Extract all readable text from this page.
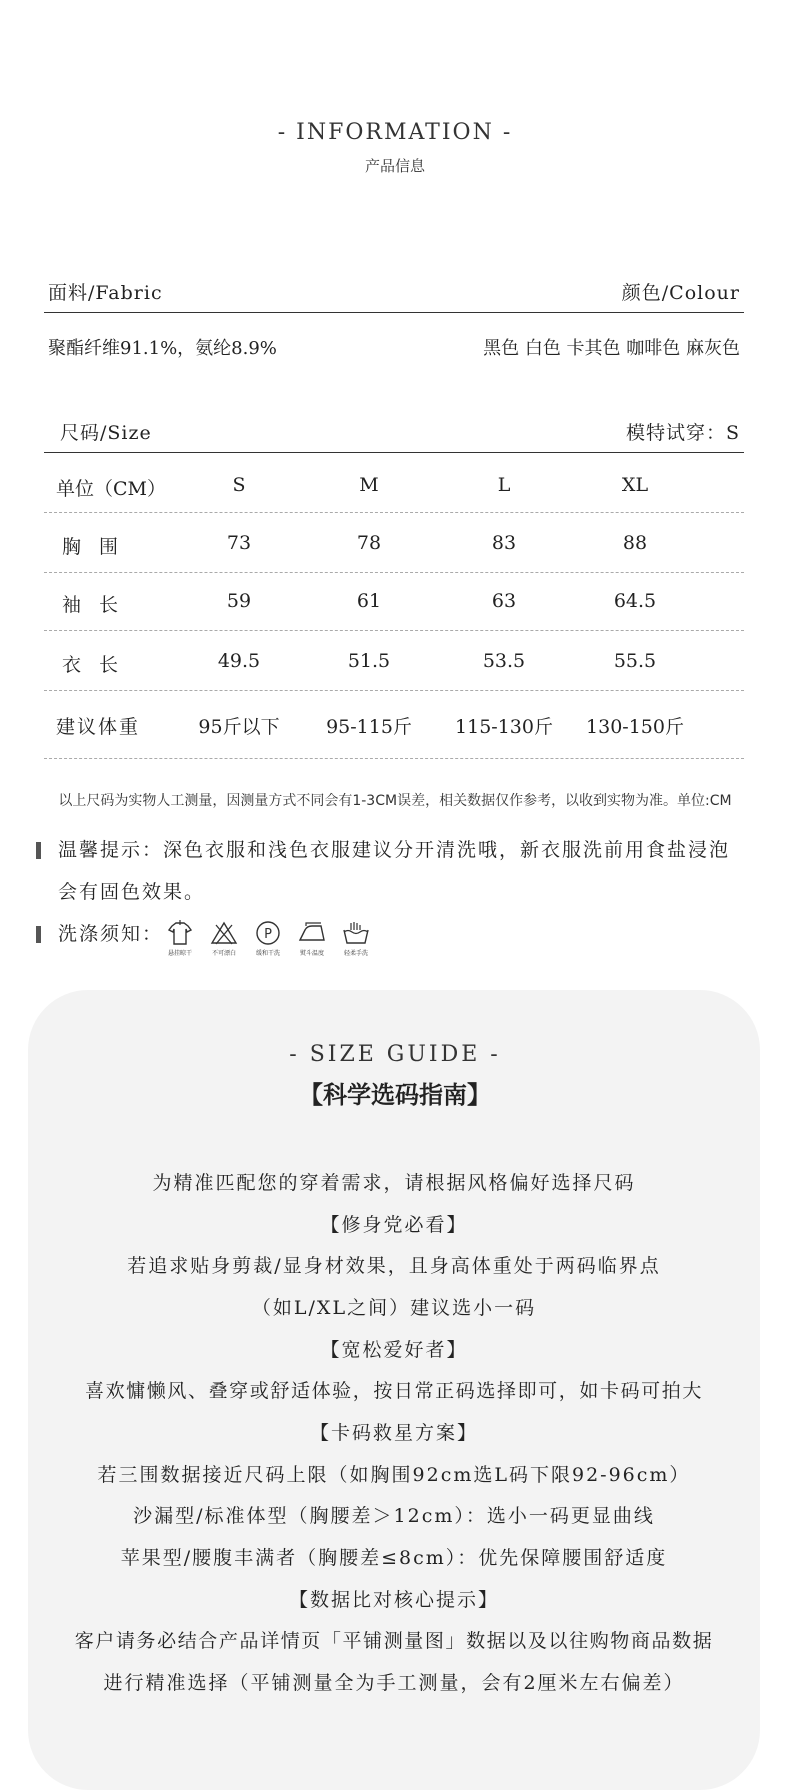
- INFORMATION -
产品信息
面料/Fabric	颜色/Colour
聚酯纤维91.1%，氨纶8.9%	黑色 白色 卡其色 咖啡色 麻灰色
尺码/Size	模特试穿：S
单位（CM）	S	M	L	XL
胸围	73	78	83	88
袖长	59	61	63	64.5
衣长	49.5	51.5	53.5	55.5
建议体重	95斤以下	95-115斤	115-130斤	130-150斤
以上尺码为实物人工测量，因测量方式不同会有1-3CM误差，相关数据仅作参考，以收到实物为准。单位:CM
温馨提示：深色衣服和浅色衣服建议分开清洗哦，新衣服洗前用食盐浸泡
会有固色效果。
洗涤须知：
悬挂晾干	不可漂白
P
缓和干洗	熨斗温度	轻柔手洗
- SIZE GUIDE -
【科学选码指南】
为精准匹配您的穿着需求，请根据风格偏好选择尺码
【修身党必看】
若追求贴身剪裁/显身材效果，且身高体重处于两码临界点
（如L/XL之间）建议选小一码
【宽松爱好者】
喜欢慵懒风、叠穿或舒适体验，按日常正码选择即可，如卡码可拍大
【卡码救星方案】
若三围数据接近尺码上限（如胸围92cm选L码下限92-96cm）
沙漏型/标准体型（胸腰差＞12cm）：选小一码更显曲线
苹果型/腰腹丰满者（胸腰差≤8cm）：优先保障腰围舒适度
【数据比对核心提示】
客户请务必结合产品详情页「平铺测量图」数据以及以往购物商品数据
进行精准选择（平铺测量全为手工测量，会有2厘米左右偏差）
